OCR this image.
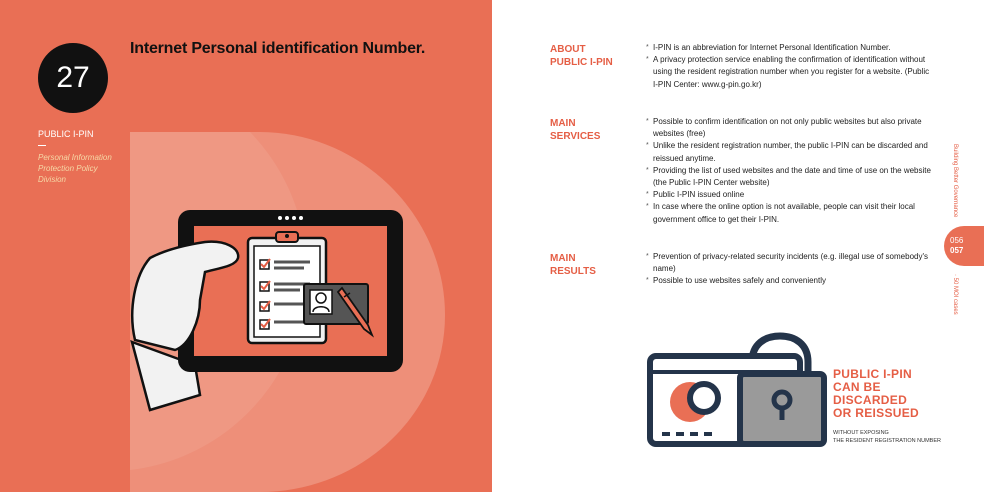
27
Internet Personal identification Number.
PUBLIC I-PIN
Personal Information
Protection Policy
Division
ABOUT
PUBLIC I-PIN
* I-PIN is an abbreviation for Internet Personal Identification Number.
* A privacy protection service enabling the confirmation of identification without using the resident registration number when you register for a website. (Public I-PIN Center: www.g-pin.go.kr)
MAIN
SERVICES
* Possible to confirm identification on not only public websites but also private websites (free)
* Unlike the resident registration number, the public I-PIN can be discarded and reissued anytime.
* Providing the list of used websites and the date and time of use on the website (the Public I-PIN Center website)
* Public I-PIN issued online
* In case where the online option is not available, people can visit their local government office to get their I-PIN.
MAIN
RESULTS
* Prevention of privacy-related security incidents (e.g. illegal use of somebody's name)
* Possible to use websites safely and conveniently
Building Better Governance
056
057
· 50 MOI cases
PUBLIC I-PIN
CAN BE
DISCARDED
OR REISSUED
WITHOUT EXPOSING
THE RESIDENT REGISTRATION NUMBER
